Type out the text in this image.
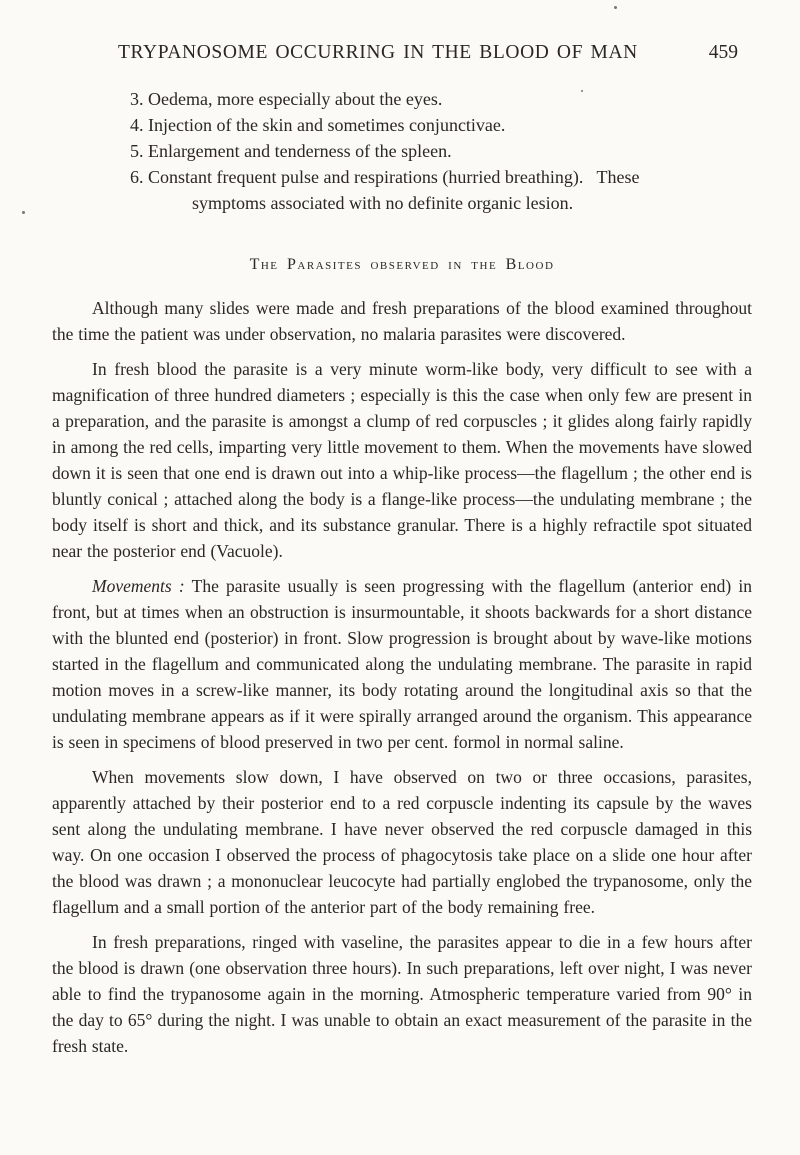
TRYPANOSOME OCCURRING IN THE BLOOD OF MAN	459
3. Oedema, more especially about the eyes.
4. Injection of the skin and sometimes conjunctivae.
5. Enlargement and tenderness of the spleen.
6. Constant frequent pulse and respirations (hurried breathing).   These
symptoms associated with no definite organic lesion.
The Parasites observed in the Blood

Although many slides were made and fresh preparations of the blood examined throughout the time the patient was under observation, no malaria parasites were discovered.

In fresh blood the parasite is a very minute worm-like body, very difficult to see with a magnification of three hundred diameters ; especially is this the case when only few are present in a preparation, and the parasite is amongst a clump of red corpuscles ; it glides along fairly rapidly in among the red cells, imparting very little movement to them. When the movements have slowed down it is seen that one end is drawn out into a whip-like process—the flagellum ; the other end is bluntly conical ; attached along the body is a flange-like process—the undulating membrane ; the body itself is short and thick, and its substance granular. There is a highly refractile spot situated near the posterior end (Vacuole).

Movements : The parasite usually is seen progressing with the flagellum (anterior end) in front, but at times when an obstruction is insurmountable, it shoots backwards for a short distance with the blunted end (posterior) in front. Slow progression is brought about by wave-like motions started in the flagellum and communicated along the undulating membrane. The parasite in rapid motion moves in a screw-like manner, its body rotating around the longitudinal axis so that the undulating membrane appears as if it were spirally arranged around the organism. This appearance is seen in specimens of blood preserved in two per cent. formol in normal saline.

When movements slow down, I have observed on two or three occasions, parasites, apparently attached by their posterior end to a red corpuscle indenting its capsule by the waves sent along the undulating membrane. I have never observed the red corpuscle damaged in this way. On one occasion I observed the process of phagocytosis take place on a slide one hour after the blood was drawn ; a mononuclear leucocyte had partially englobed the trypanosome, only the flagellum and a small portion of the anterior part of the body remaining free.

In fresh preparations, ringed with vaseline, the parasites appear to die in a few hours after the blood is drawn (one observation three hours). In such preparations, left over night, I was never able to find the trypanosome again in the morning. Atmospheric temperature varied from 90° in the day to 65° during the night. I was unable to obtain an exact measurement of the parasite in the fresh state.
